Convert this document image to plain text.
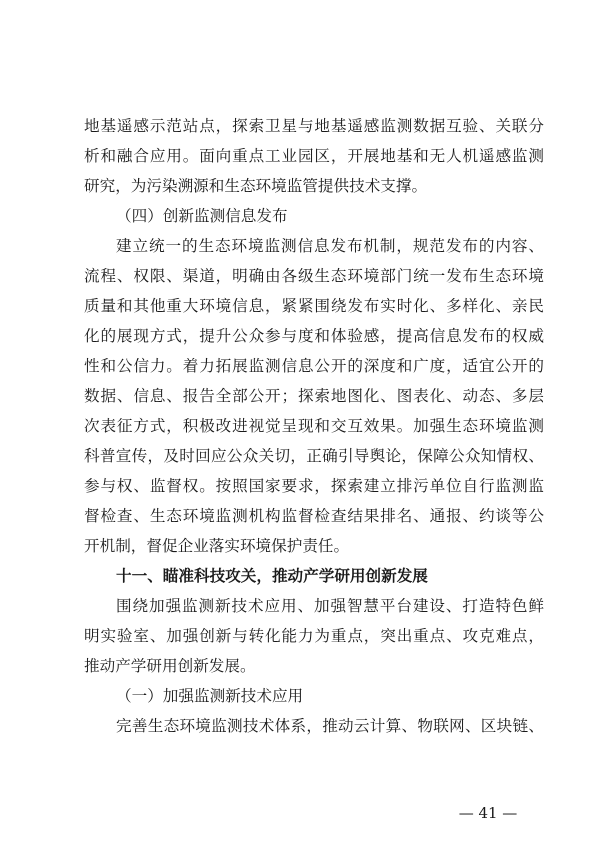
地基遥感示范站点，探索卫星与地基遥感监测数据互验、关联分
析和融合应用。面向重点工业园区，开展地基和无人机遥感监测
研究，为污染溯源和生态环境监管提供技术支撑。
（四）创新监测信息发布
建立统一的生态环境监测信息发布机制，规范发布的内容、
流程、权限、渠道，明确由各级生态环境部门统一发布生态环境
质量和其他重大环境信息，紧紧围绕发布实时化、多样化、亲民
化的展现方式，提升公众参与度和体验感，提高信息发布的权威
性和公信力。着力拓展监测信息公开的深度和广度，适宜公开的
数据、信息、报告全部公开；探索地图化、图表化、动态、多层
次表征方式，积极改进视觉呈现和交互效果。加强生态环境监测
科普宣传，及时回应公众关切，正确引导舆论，保障公众知情权、
参与权、监督权。按照国家要求，探索建立排污单位自行监测监
督检查、生态环境监测机构监督检查结果排名、通报、约谈等公
开机制，督促企业落实环境保护责任。
十一、瞄准科技攻关，推动产学研用创新发展
围绕加强监测新技术应用、加强智慧平台建设、打造特色鲜
明实验室、加强创新与转化能力为重点，突出重点、攻克难点，
推动产学研用创新发展。
（一）加强监测新技术应用
完善生态环境监测技术体系，推动云计算、物联网、区块链、
— 41 —
